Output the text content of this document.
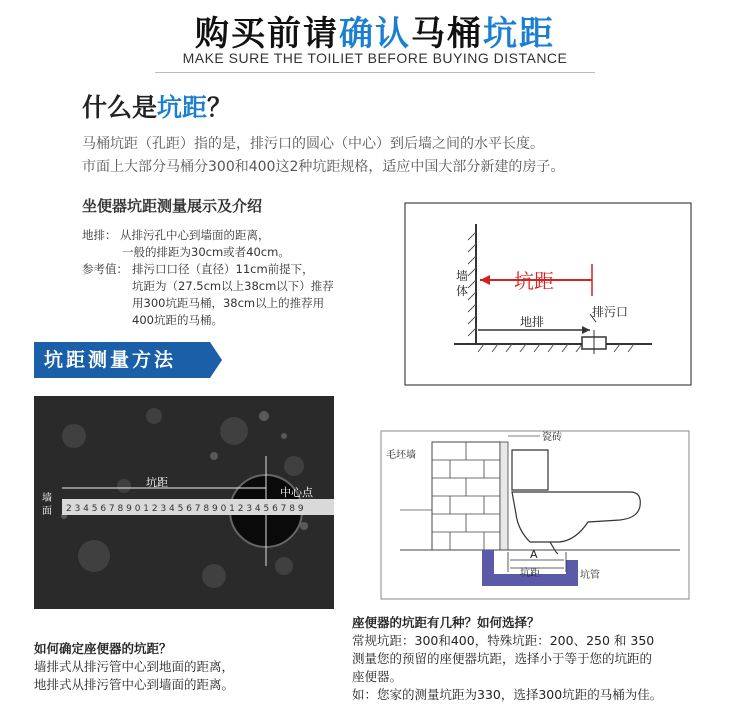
购买前请确认马桶坑距
MAKE SURE THE TOILIET BEFORE BUYING DISTANCE
什么是坑距？
马桶坑距（孔距）指的是，排污口的圆心（中心）到后墙之间的水平长度。
市面上大部分马桶分300和400这2种坑距规格，适应中国大部分新建的房子。
坐便器坑距测量展示及介绍
地排： 从排污孔中心到墙面的距离，
一般的排距为30cm或者40cm。
参考值： 排污口口径（直径）11cm前提下，
坑距为（27.5cm以上38cm以下）推荐
用300坑距马桶，38cm以上的推荐用
400坑距的马桶。
墙
体 坑距
排污口
地排
坑距测量方法
2 3 4 5 6 7 8 9 0 1 2 3 4 5 6 7 8 9 0 1 2 3 4 5 6 7 8 9
坑距
中心点
墙
面
A
坑距	坑管
瓷砖
毛坯墙
如何确定座便器的坑距？
墙排式从排污管中心到地面的距离，
地排式从排污管中心到墙面的距离。
座便器的坑距有几种？如何选择？
常规坑距：300和400，特殊坑距：200、250 和 350
测量您的预留的座便器坑距，选择小于等于您的坑距的
座便器。
如：您家的测量坑距为330，选择300坑距的马桶为佳。
